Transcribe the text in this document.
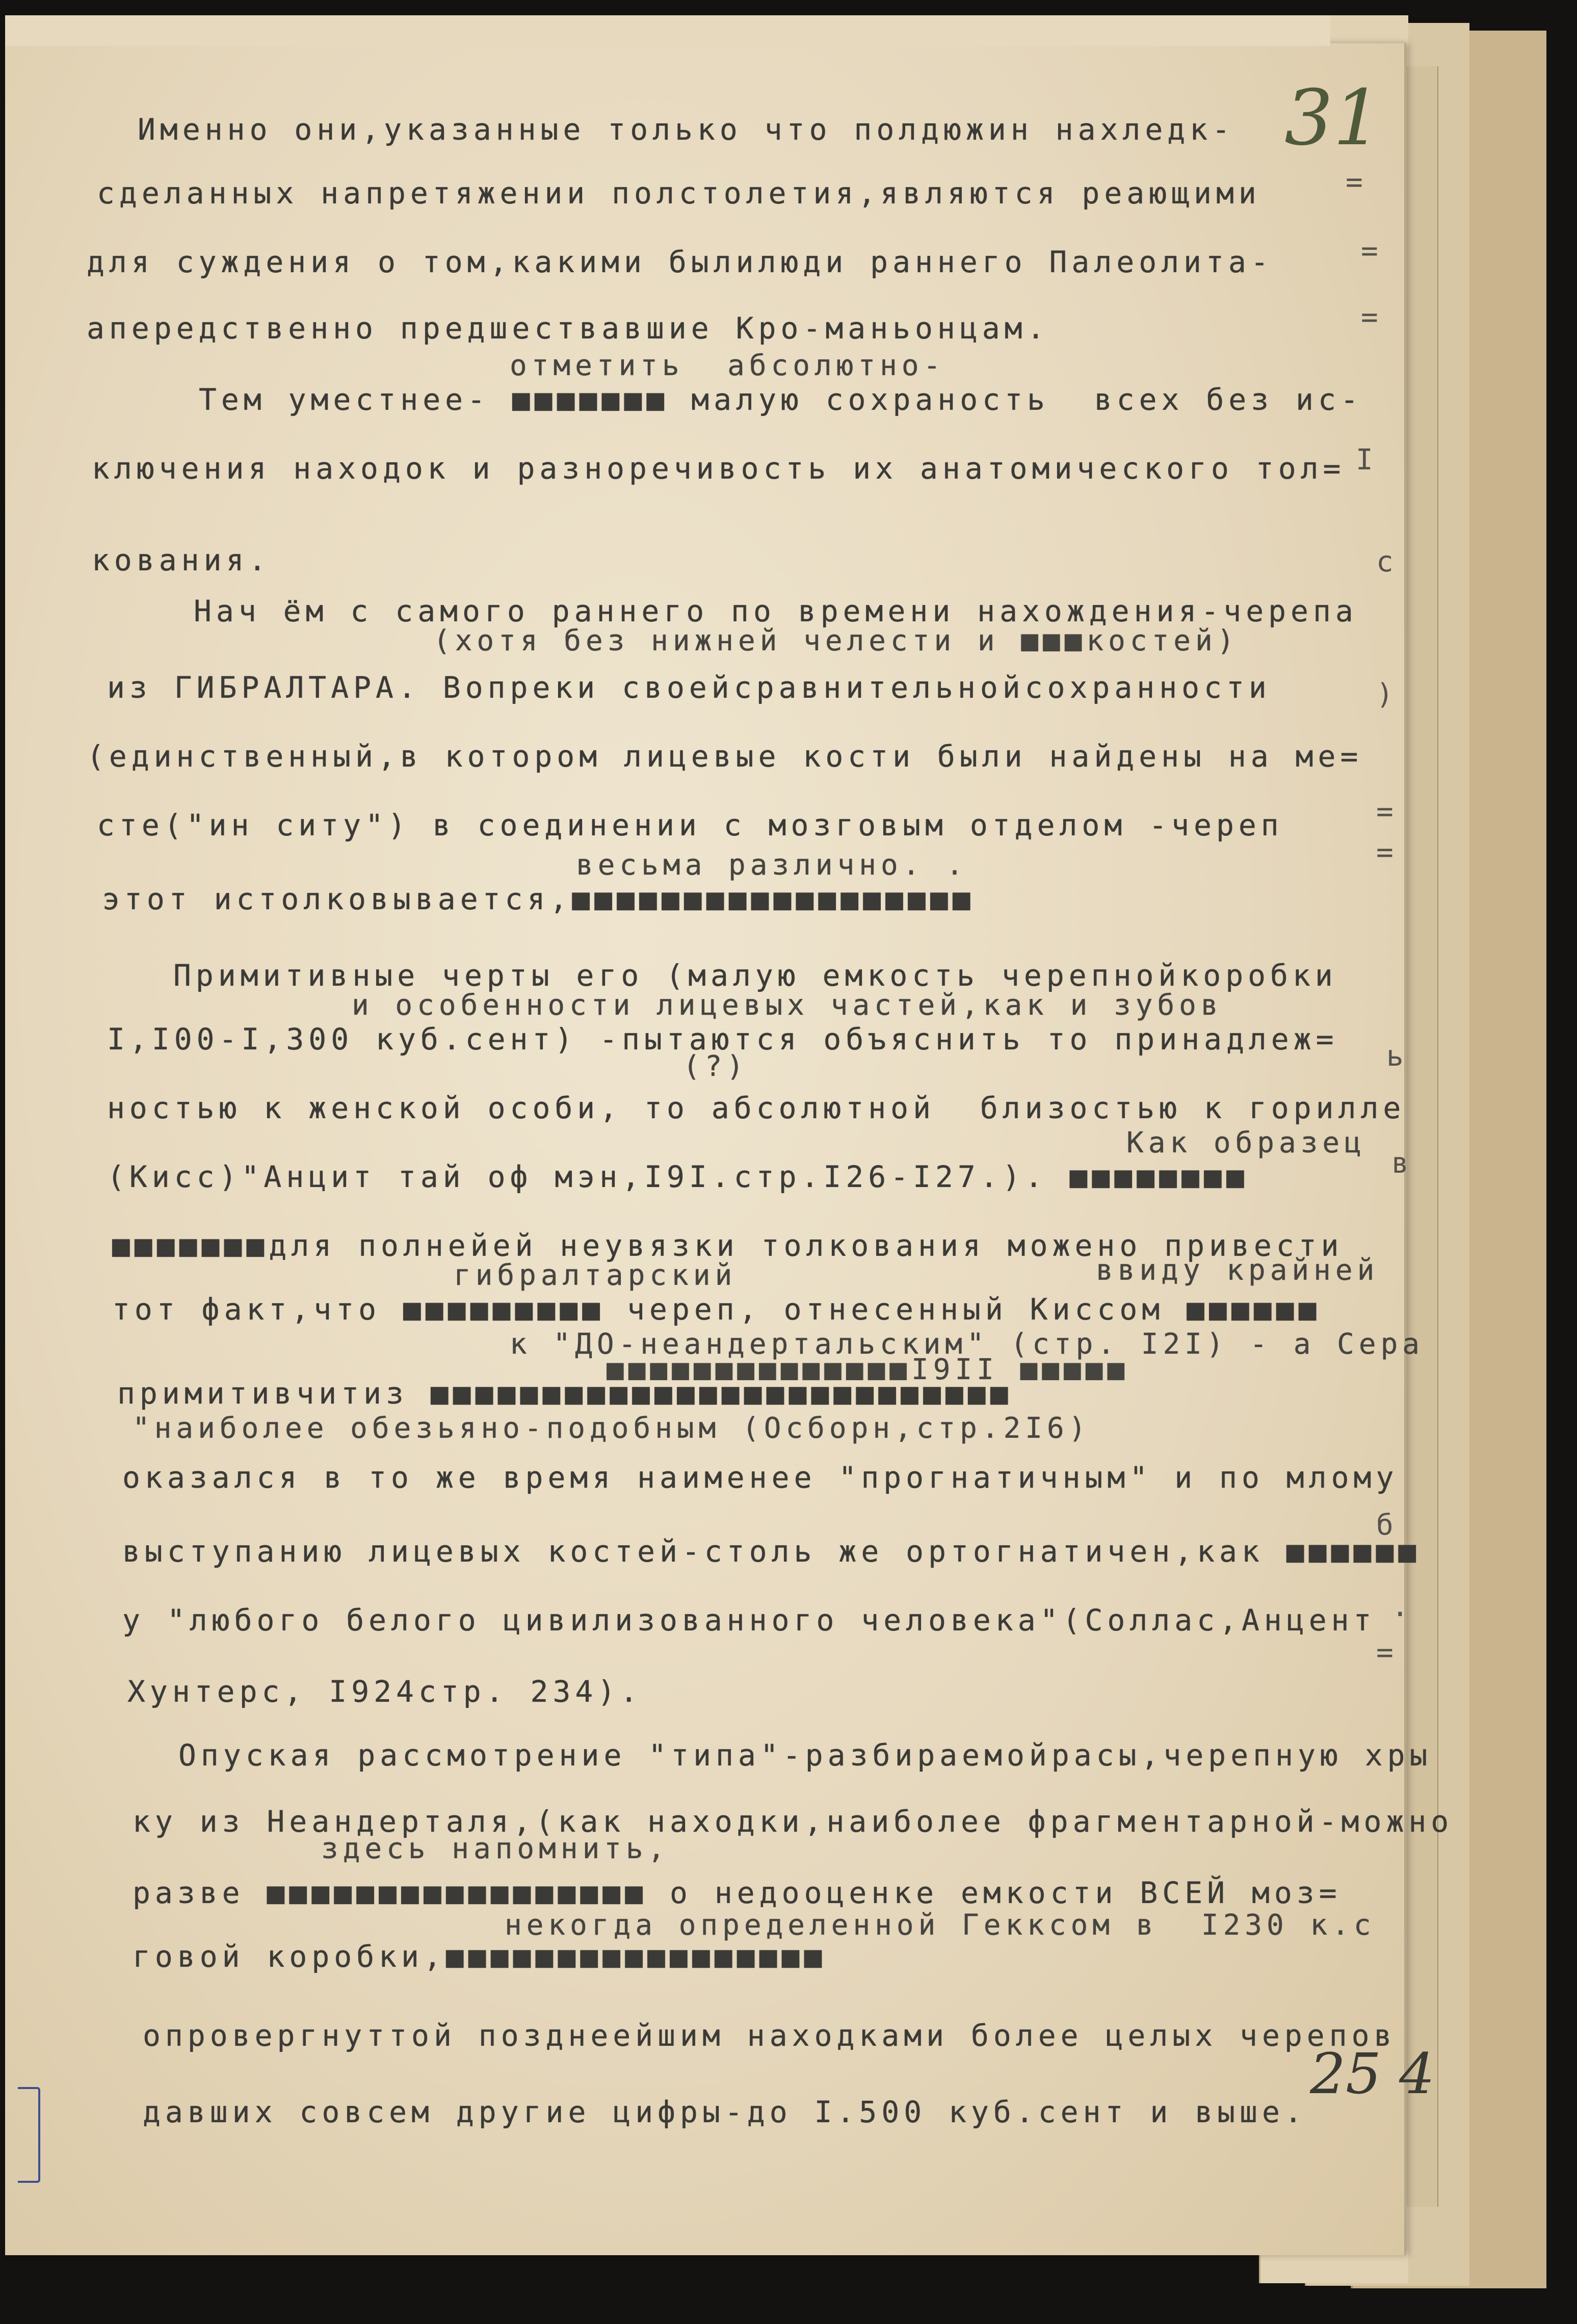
31
25 4
Именно они,указанные только что полдюжин нахледк-
сделанных напретяжении полстолетия,являются реающими
для суждения о том,какими былилюди раннего Палеолита-
апередственно предшествавшие Кро-маньонцам.
отметить  абсолютно-
Тем уместнее- ■■■■■■■ малую сохраность  всех без ис-
ключения находок и разноречивость их анатомического тол=
кования.
Нач ём с самого раннего по времени нахождения-черепа
(хотя без нижней челести и ■■■костей)
из ГИБРАЛТАРА. Вопреки своейсравнительнойсохранности
(единственный,в котором лицевые кости были найдены на ме=
сте("ин ситу") в соединении с мозговым отделом -череп
весьма различно. .
этот истолковывается,■■■■■■■■■■■■■■■■■■
Примитивные черты его (малую емкость черепнойкоробки
и особенности лицевых частей,как и зубов
I,I00-I,300 куб.сент) -пытаются объяснить то принадлеж=
(?)
ностью к женской особи, то абсолютной  близостью к горилле
Как образец
(Кисс)"Анцит тай оф мэн,I9I.стр.I26-I27.). ■■■■■■■■
■■■■■■■для полнейей неувязки толкования можено привести
гибралтарский	ввиду крайней
тот факт,что ■■■■■■■■■ череп, отнесенный Киссом ■■■■■■
к "ДО-неандертальским" (стр. I2I) - а Сера
примитивчитиз ■■■■■■■■■■■■■■■■■■■■■■■■■■
■■■■■■■■■■■■■■I9II ■■■■■
"наиболее обезьяно-подобным (Осборн,стр.2I6)
оказался в то же время наименее "прогнатичным" и по млому
выступанию лицевых костей-столь же ортогнатичен,как ■■■■■■
у "любого белого цивилизованного человека"(Соллас,Анцент
Хунтерс, I924стр. 234).
Опуская рассмотрение "типа"-разбираемойрасы,черепную хры
ку из Неандерталя,(как находки,наиболее фрагментарной-можно
здесь напомнить,
разве ■■■■■■■■■■■■■■■■■ о недооценке емкости ВСЕЙ моз=
некогда определенной Гекксом в  I230 к.с
говой коробки,■■■■■■■■■■■■■■■■■
опровергнуттой позднеейшим находками более целых черепов
давших совсем другие цифры-до I.500 куб.сент и выше.
=
=
=
I
с
)
=
=
в
б
ь
=
.
